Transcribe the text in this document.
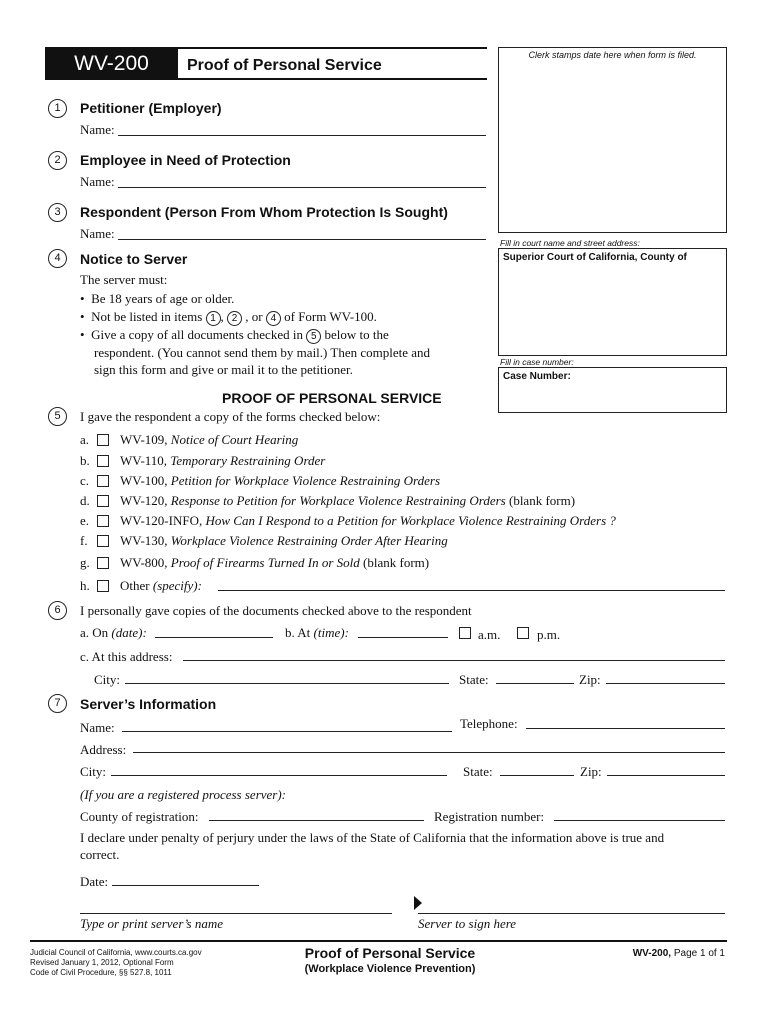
WV-200	Proof of Personal Service
Clerk stamps date here when form is filed.
Fill in court name and street address:
Superior Court of California, County of
Fill in case number:
Case Number:
1	Petitioner (Employer)
Name:
2	Employee in Need of Protection
Name:
3	Respondent (Person From Whom Protection Is Sought)
Name:
4	Notice to Server
The server must:
•  Be 18 years of age or older.
•  Not be listed in items 1 , 2 , or 4 of Form WV-100.
•  Give a copy of all documents checked in 5 below to the
respondent. (You cannot send them by mail.) Then complete and
sign this form and give or mail it to the petitioner.
PROOF OF PERSONAL SERVICE
5	I gave the respondent a copy of the forms checked below:
a. WV-109, Notice of Court Hearing
b. WV-110, Temporary Restraining Order
c. WV-100, Petition for Workplace Violence Restraining Orders
d. WV-120, Response to Petition for Workplace Violence Restraining Orders (blank form)
e. WV-120-INFO, How Can I Respond to a Petition for Workplace Violence Restraining Orders ?
f. WV-130, Workplace Violence Restraining Order After Hearing
g. WV-800, Proof of Firearms Turned In or Sold (blank form)
h. Other (specify):
6	I personally gave copies of the documents checked above to the respondent
a. On (date):	b. At (time):	a.m.	p.m.
c. At this address:
City:	State:	Zip:
7	Server’s Information
Name:	Telephone:
Address:
City:	State:	Zip:
(If you are a registered process server):
County of registration:	Registration number:
I declare under penalty of perjury under the laws of the State of California that the information above is true and
correct.
Date:
Type or print server’s name	Server to sign here
Judicial Council of California, www.courts.ca.gov
Revised January 1, 2012, Optional Form
Code of Civil Procedure, §§ 527.8, 1011
Proof of Personal Service
(Workplace Violence Prevention)
WV-200, Page 1 of 1
